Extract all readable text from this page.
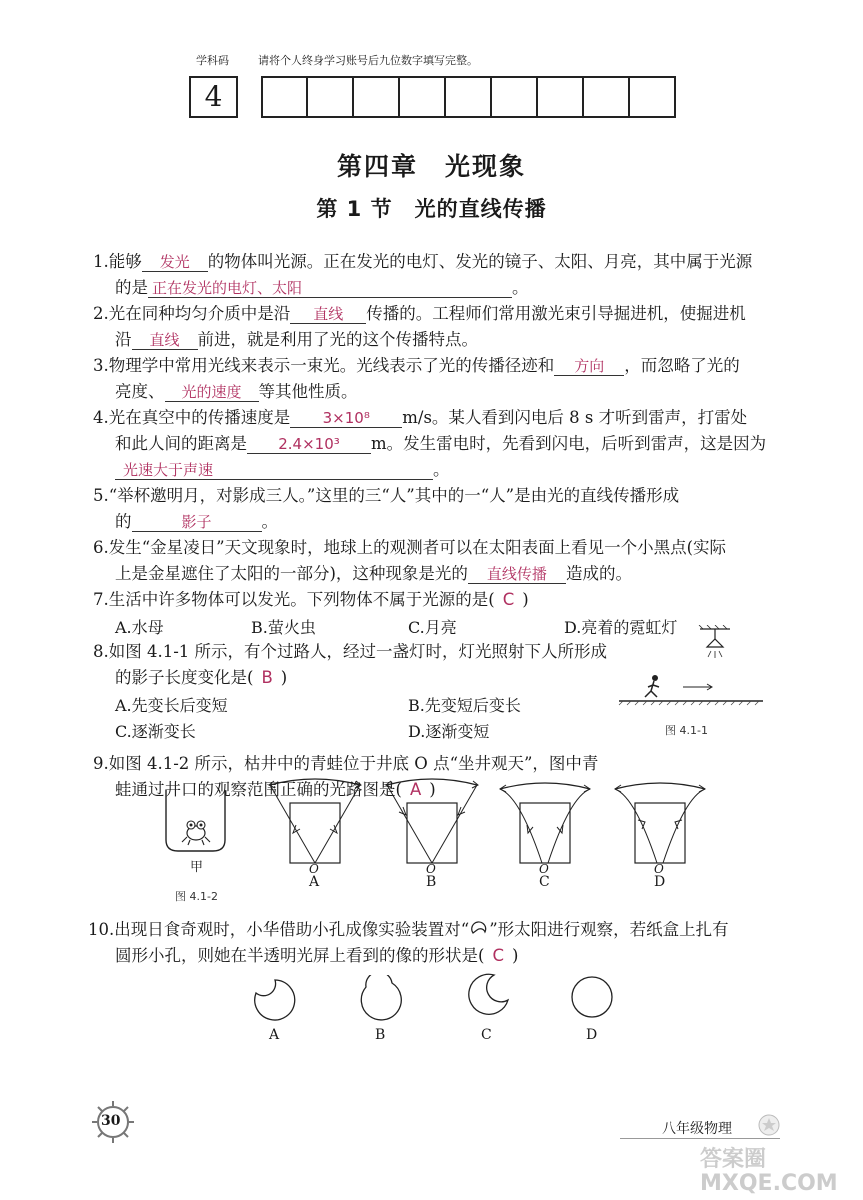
学科码	请将个人终身学习账号后九位数字填写完整。
4
第四章　光现象
第 1 节　光的直线传播
1.能够 发光 的物体叫光源。正在发光的电灯、发光的镜子、太阳、月亮，其中属于光源
的是 正在发光的电灯、太阳	。
2.光在同种均匀介质中是沿 直线 传播的。工程师们常用激光束引导掘进机，使掘进机
沿 直线 前进，就是利用了光的这个传播特点。
3.物理学中常用光线来表示一束光。光线表示了光的传播径迹和 方向 ，而忽略了光的
亮度、 光的速度 等其他性质。
4.光在真空中的传播速度是 3×10⁸ m/s。某人看到闪电后 8 s 才听到雷声，打雷处
和此人间的距离是 2.4×10³ m。发生雷电时，先看到闪电，后听到雷声，这是因为
光速大于声速	。
5.“举杯邀明月，对影成三人。”这里的三“人”其中的一“人”是由光的直线传播形成
的	影子	。
6.发生“金星凌日”天文现象时，地球上的观测者可以在太阳表面上看见一个小黑点(实际
上是金星遮住了太阳的一部分)，这种现象是光的 直线传播 造成的。
7.生活中许多物体可以发光。下列物体不属于光源的是( C )
A.水母	B.萤火虫	C.月亮	D.亮着的霓虹灯
8.如图 4.1-1 所示，有个过路人，经过一盏灯时，灯光照射下人所形成
的影子长度变化是( B )
A.先变长后变短	B.先变短后变长
C.逐渐变长	D.逐渐变短	图 4.1-1
9.如图 4.1-2 所示，枯井中的青蛙位于井底 O 点“坐井观天”，图中青
蛙通过井口的观察范围正确的光路图是( A )
甲
图 4.1-2
O
A
O
B
O
C
O
D
10.出现日食奇观时，小华借助小孔成像实验装置对“ ”形太阳进行观察，若纸盒上扎有
圆形小孔，则她在半透明光屏上看到的像的形状是( C )
A	B	C	D
30	八年级物理
答案圈 MXQE.COM
